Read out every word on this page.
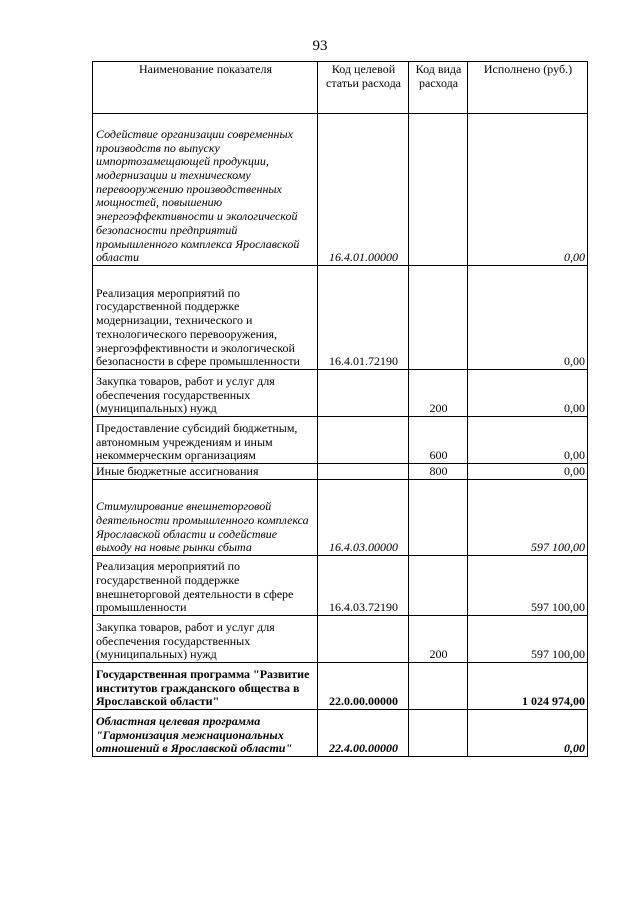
93
Наименование показателя	Код целевой статьи расхода	Код вида расхода	Исполнено (руб.)
Содействие организации современных производств по выпуску импортозамещающей продукции, модернизации и техническому перевооружению производственных мощностей, повышению энергоэффективности и экологической безопасности предприятий промышленного комплекса Ярославской области	16.4.01.00000		0,00
Реализация мероприятий по государственной поддержке модернизации, технического и технологического перевооружения, энергоэффективности и экологической безопасности в сфере промышленности	16.4.01.72190		0,00
Закупка товаров, работ и услуг для обеспечения государственных (муниципальных) нужд		200	0,00
Предоставление субсидий бюджетным, автономным учреждениям и иным некоммерческим организациям		600	0,00
Иные бюджетные ассигнования		800	0,00
Стимулирование внешнеторговой деятельности промышленного комплекса Ярославской области и содействие выходу на новые рынки сбыта	16.4.03.00000		597 100,00
Реализация мероприятий по государственной поддержке внешнеторговой деятельности в сфере промышленности	16.4.03.72190		597 100,00
Закупка товаров, работ и услуг для обеспечения государственных (муниципальных) нужд		200	597 100,00
Государственная программа "Развитие институтов гражданского общества в Ярославской области"	22.0.00.00000		1 024 974,00
Областная целевая программа "Гармонизация межнациональных отношений в Ярославской области"	22.4.00.00000		0,00
